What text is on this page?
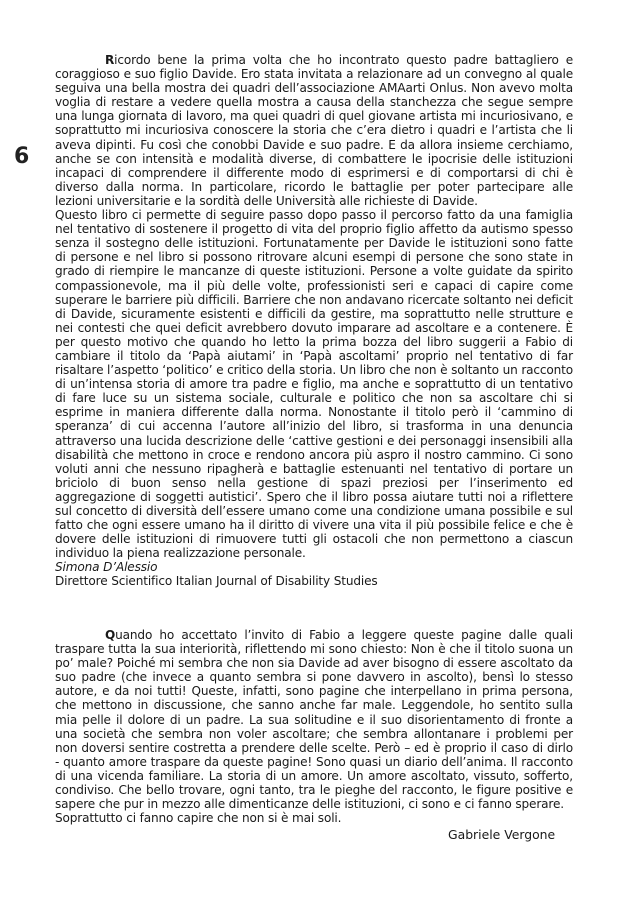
6

Ricordo bene la prima volta che ho incontrato questo padre battagliero e coraggioso e suo figlio Davide. Ero stata invitata a relazionare ad un convegno al quale seguiva una bella mostra dei quadri dell’associazione AMAarti Onlus. Non avevo molta voglia di restare a vedere quella mostra a causa della stanchezza che segue sempre una lunga giornata di lavoro, ma quei quadri di quel giovane artista mi incuriosivano, e soprattutto mi incuriosiva conoscere la storia che c’era dietro i quadri e l’artista che li aveva dipinti. Fu così che conobbi Davide e suo padre. E da allora insieme cerchiamo, anche se con intensità e modalità diverse, di combattere le ipocrisie delle istituzioni incapaci di comprendere il differente modo di esprimersi e di comportarsi di chi è diverso dalla norma. In particolare, ricordo le battaglie per poter partecipare alle lezioni universitarie e la sordità delle Università alle richieste di Davide.

Questo libro ci permette di seguire passo dopo passo il percorso fatto da una famiglia nel tentativo di sostenere il progetto di vita del proprio figlio affetto da autismo spesso senza il sostegno delle istituzioni. Fortunatamente per Davide le istituzioni sono fatte di persone e nel libro si possono ritrovare alcuni esempi di persone che sono state in grado di riempire le mancanze di queste istituzioni. Persone a volte guidate da spirito compassionevole, ma il più delle volte, professionisti seri e capaci di capire come superare le barriere più difficili. Barriere che non andavano ricercate soltanto nei deficit di Davide, sicuramente esistenti e difficili da gestire, ma soprattutto nelle strutture e nei contesti che quei deficit avrebbero dovuto imparare ad ascoltare e a contenere. È per questo motivo che quando ho letto la prima bozza del libro suggerii a Fabio di cambiare il titolo da ‘Papà aiutami’ in ‘Papà ascoltami’ proprio nel tentativo di far risaltare l’aspetto ‘politico’ e critico della storia. Un libro che non è soltanto un racconto di un’intensa storia di amore tra padre e figlio, ma anche e soprattutto di un tentativo di fare luce su un sistema sociale, culturale e politico che non sa ascoltare chi si esprime in maniera differente dalla norma. Nonostante il titolo però il ‘cammino di speranza’ di cui accenna l’autore all’inizio del libro, si trasforma in una denuncia attraverso una lucida descrizione delle ‘cattive gestioni e dei personaggi insensibili alla disabilità che mettono in croce e rendono ancora più aspro il nostro cammino. Ci sono voluti anni che nessuno ripagherà e battaglie estenuanti nel tentativo di portare un briciolo di buon senso nella gestione di spazi preziosi per l’inserimento ed aggregazione di soggetti autistici’. Spero che il libro possa aiutare tutti noi a riflettere sul concetto di diversità dell’essere umano come una condizione umana possibile e sul fatto che ogni essere umano ha il diritto di vivere una vita il più possibile felice e che è dovere delle istituzioni di rimuovere tutti gli ostacoli che non permettono a ciascun individuo la piena realizzazione personale.

Simona D’Alessio

Direttore Scientifico Italian Journal of Disability Studies

Quando ho accettato l’invito di Fabio a leggere queste pagine dalle quali traspare tutta la sua interiorità, riflettendo mi sono chiesto: Non è che il titolo suona un po’ male? Poiché mi sembra che non sia Davide ad aver bisogno di essere ascoltato da suo padre (che invece a quanto sembra si pone davvero in ascolto), bensì lo stesso autore, e da noi tutti! Queste, infatti, sono pagine che interpellano in prima persona, che mettono in discussione, che sanno anche far male. Leggendole, ho sentito sulla mia pelle il dolore di un padre. La sua solitudine e il suo disorientamento di fronte a una società che sembra non voler ascoltare; che sembra allontanare i problemi per non doversi sentire costretta a prendere delle scelte. Però – ed è proprio il caso di dirlo - quanto amore traspare da queste pagine! Sono quasi un diario dell’anima. Il racconto di una vicenda familiare. La storia di un amore. Un amore ascoltato, vissuto, sofferto, condiviso. Che bello trovare, ogni tanto, tra le pieghe del racconto, le figure positive e sapere che pur in mezzo alle dimenticanze delle istituzioni, ci sono e ci fanno sperare.

Soprattutto ci fanno capire che non si è mai soli.

Gabriele Vergone
